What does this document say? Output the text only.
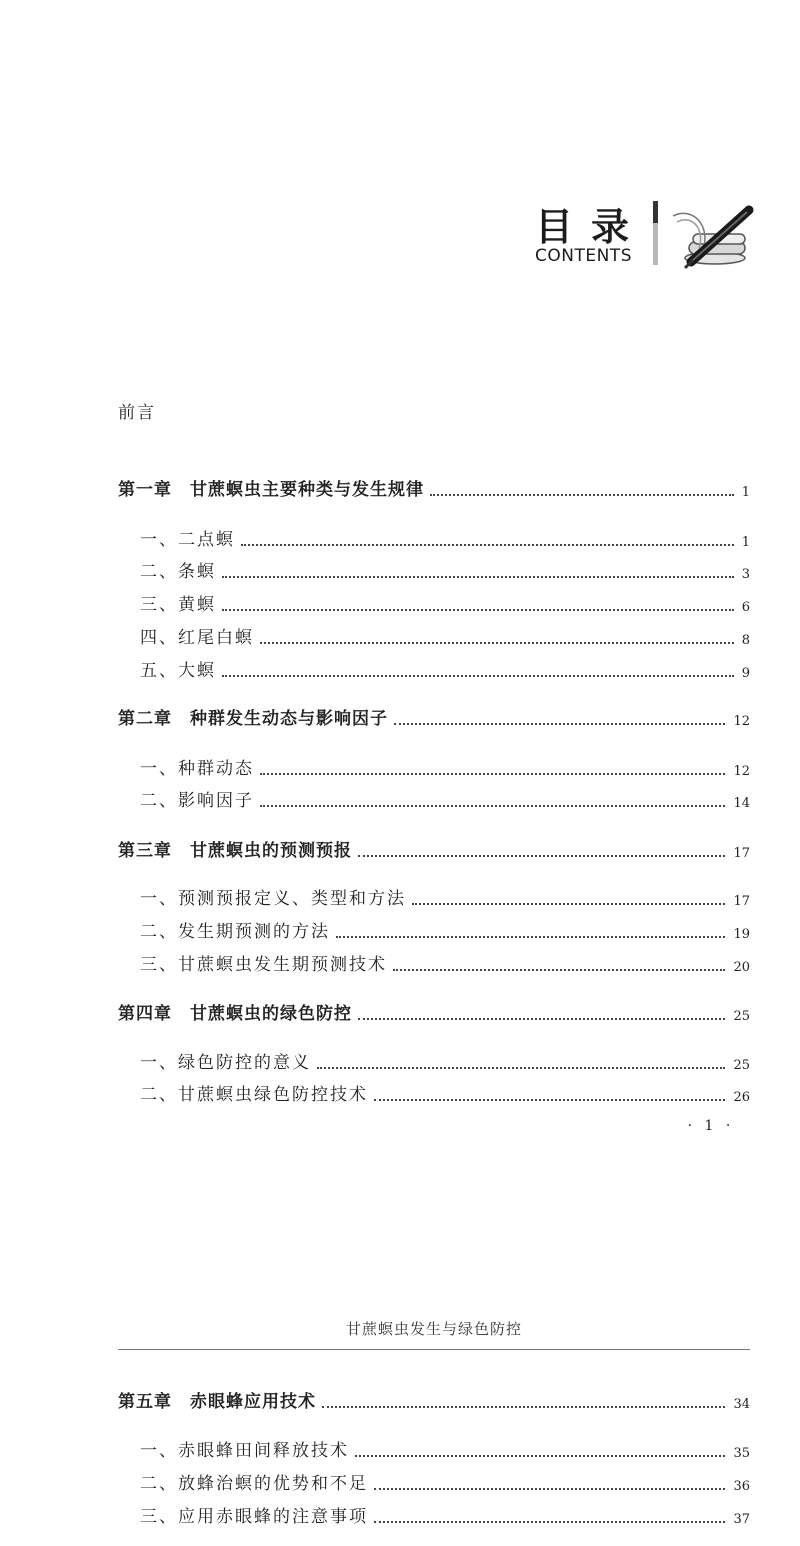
目录
CONTENTS
前言
第一章　甘蔗螟虫主要种类与发生规律	1
一、二点螟	1
二、条螟	3
三、黄螟	6
四、红尾白螟	8
五、大螟	9
第二章　种群发生动态与影响因子	12
一、种群动态	12
二、影响因子	14
第三章　甘蔗螟虫的预测预报	17
一、预测预报定义、类型和方法	17
二、发生期预测的方法	19
三、甘蔗螟虫发生期预测技术	20
第四章　甘蔗螟虫的绿色防控	25
一、绿色防控的意义	25
二、甘蔗螟虫绿色防控技术	26
第五章　赤眼蜂应用技术	34
一、赤眼蜂田间释放技术	35
二、放蜂治螟的优势和不足	36
三、应用赤眼蜂的注意事项	37
· 1 ·
甘蔗螟虫发生与绿色防控
